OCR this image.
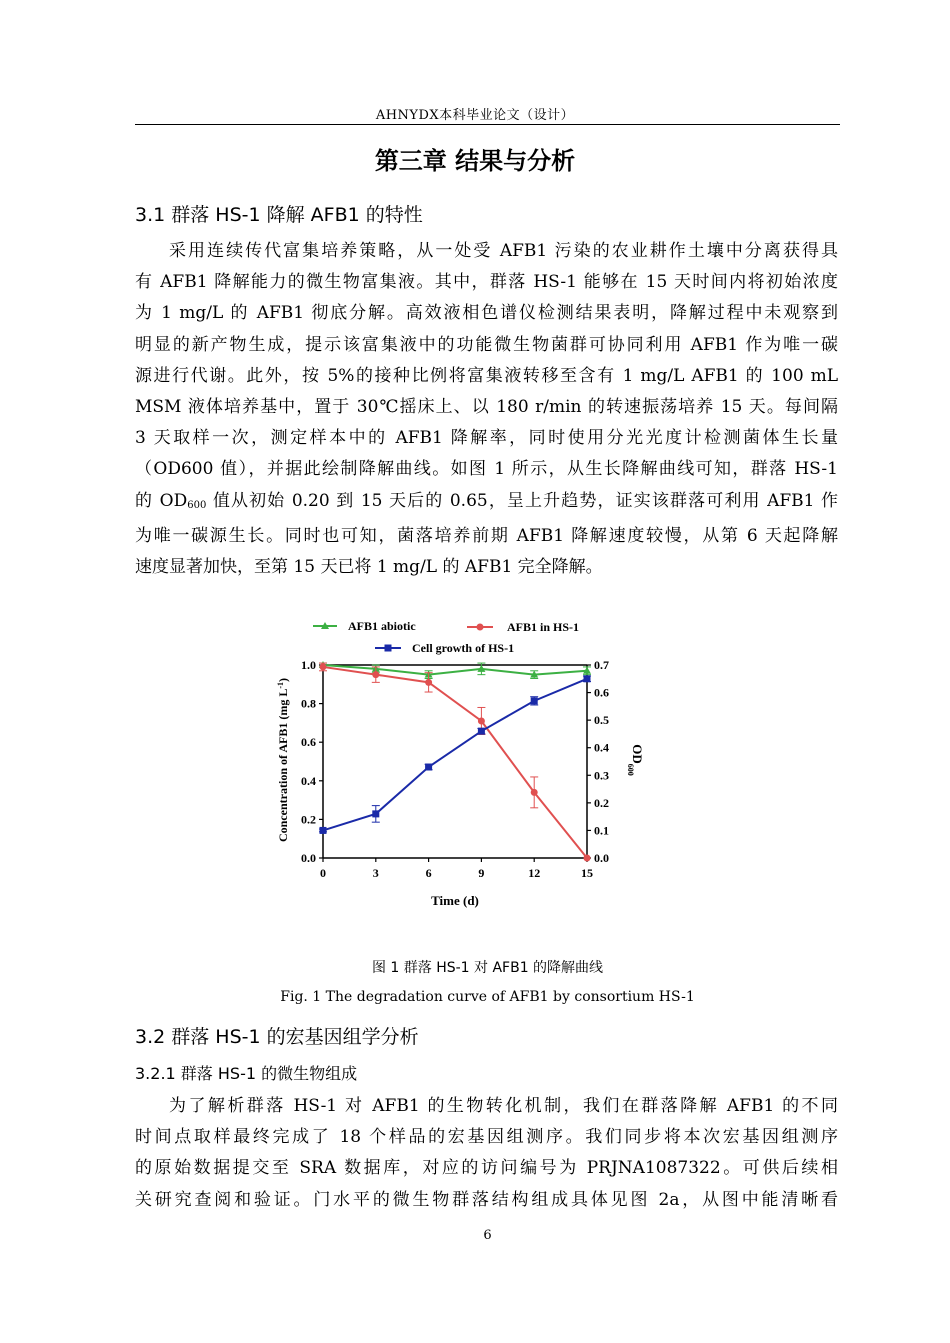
AHNYDX本科毕业论文（设计）
第三章 结果与分析
3.1 群落 HS-1 降解 AFB1 的特性
采用连续传代富集培养策略，从一处受 AFB1 污染的农业耕作土壤中分离获得具
有 AFB1 降解能力的微生物富集液。其中，群落 HS-1 能够在 15 天时间内将初始浓度
为 1 mg/L 的 AFB1 彻底分解。高效液相色谱仪检测结果表明，降解过程中未观察到
明显的新产物生成，提示该富集液中的功能微生物菌群可协同利用 AFB1 作为唯一碳
源进行代谢。此外，按 5%的接种比例将富集液转移至含有 1 mg/L AFB1 的 100 mL
MSM 液体培养基中，置于 30℃摇床上、以 180 r/min 的转速振荡培养 15 天。每间隔
3 天取样一次，测定样本中的 AFB1 降解率，同时使用分光光度计检测菌体生长量
（OD600 值），并据此绘制降解曲线。如图 1 所示，从生长降解曲线可知，群落 HS-1
的 $OD_{600}$ 值从初始 0.20 到 15 天后的 0.65，呈上升趋势，证实该群落可利用 AFB1 作
为唯一碳源生长。同时也可知，菌落培养前期 AFB1 降解速度较慢，从第 6 天起降解
速度显著加快，至第 15 天已将 1 mg/L 的 AFB1 完全降解。
AFB1 abiotic	AFB1 in HS-1
Cell growth of HS-1
0	3	6	9	12	15
0.0
0.2
0.4
0.6
0.8
1.0
0.0
0.1
0.2
0.3
0.4
0.5
0.6
0.7
Time (d)
Concentration of AFB1 (mg $L^{-1}$)
$OD_{600}$
图 1 群落 HS-1 对 AFB1 的降解曲线
Fig. 1 The degradation curve of AFB1 by consortium HS-1
3.2 群落 HS-1 的宏基因组学分析
3.2.1 群落 HS-1 的微生物组成
为了解析群落 HS-1 对 AFB1 的生物转化机制，我们在群落降解 AFB1 的不同
时间点取样最终完成了 18 个样品的宏基因组测序。我们同步将本次宏基因组测序
的原始数据提交至 SRA 数据库，对应的访问编号为 PRJNA1087322。可供后续相
关研究查阅和验证。门水平的微生物群落结构组成具体见图 2a，从图中能清晰看
6
